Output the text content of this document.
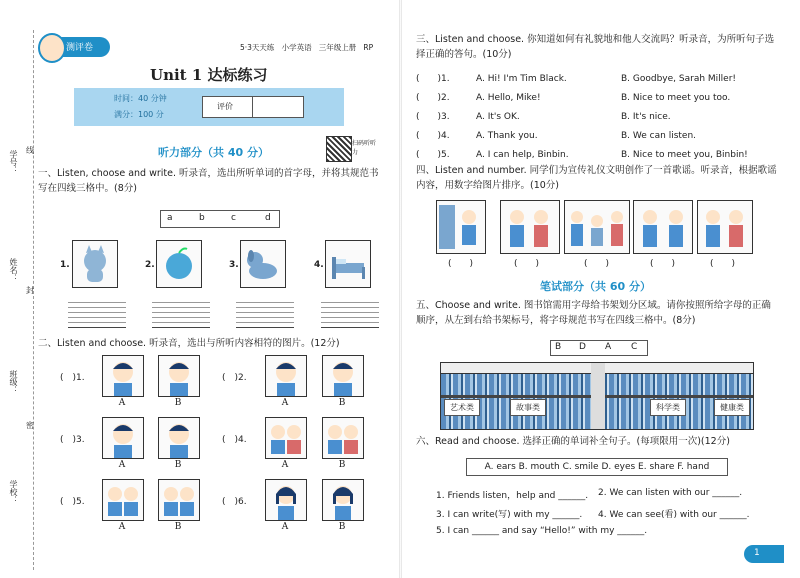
学号：
姓名：
班级：
学校：
线
封
密
测评卷	5·3天天练 小学英语 三年级上册 RP
Unit 1 达标练习
时间：40 分钟
满分：100 分
评价
听力部分（共 40 分）
扫码听听力
一、Listen, choose and write. 听录音，选出所听单词的首字母，并将其规范书写在四线三格中。(8分)
a	b	c	d
1.	2.	3.	4.
二、Listen and choose. 听录音，选出与所听内容相符的图片。(12分)
(　)1.
A	B
(　)2.
A	B
(　)3.
A	B
(　)4.
A	B
(　)5.
A	B
(　)6.
A	B
三、Listen and choose. 你知道如何有礼貌地和他人交流吗？听录音，为所听句子选择正确的答句。(10分)
(　　)1.	A. Hi! I'm Tim Black.	B. Goodbye, Sarah Miller!
(　　)2.	A. Hello, Mike!	B. Nice to meet you too.
(　　)3.	A. It's OK.	B. It's nice.
(　　)4.	A. Thank you.	B. We can listen.
(　　)5.	A. I can help, Binbin.	B. Nice to meet you, Binbin!
四、Listen and number. 同学们为宣传礼仪文明创作了一首歌谣。听录音，根据歌谣内容，用数字给图片排序。(10分)
(　　)	(　　)	(　　)	(　　)	(　　)
笔试部分（共 60 分）
五、Choose and write. 图书馆需用字母给书架划分区域。请你按照所给字母的正确顺序，从左到右给书架标号，将字母规范书写在四线三格中。(8分)
B D A C
艺术类	故事类	科学类	健康类
六、Read and choose. 选择正确的单词补全句子。(每项限用一次)(12分)
A. ears B. mouth C. smile D. eyes E. share F. hand
1. Friends listen，help and ______. 2. We can listen with our ______.
3. I can write(写) with my ______. 4. We can see(看) with our ______.
5. I can ______ and say “Hello!” with my ______.
1
